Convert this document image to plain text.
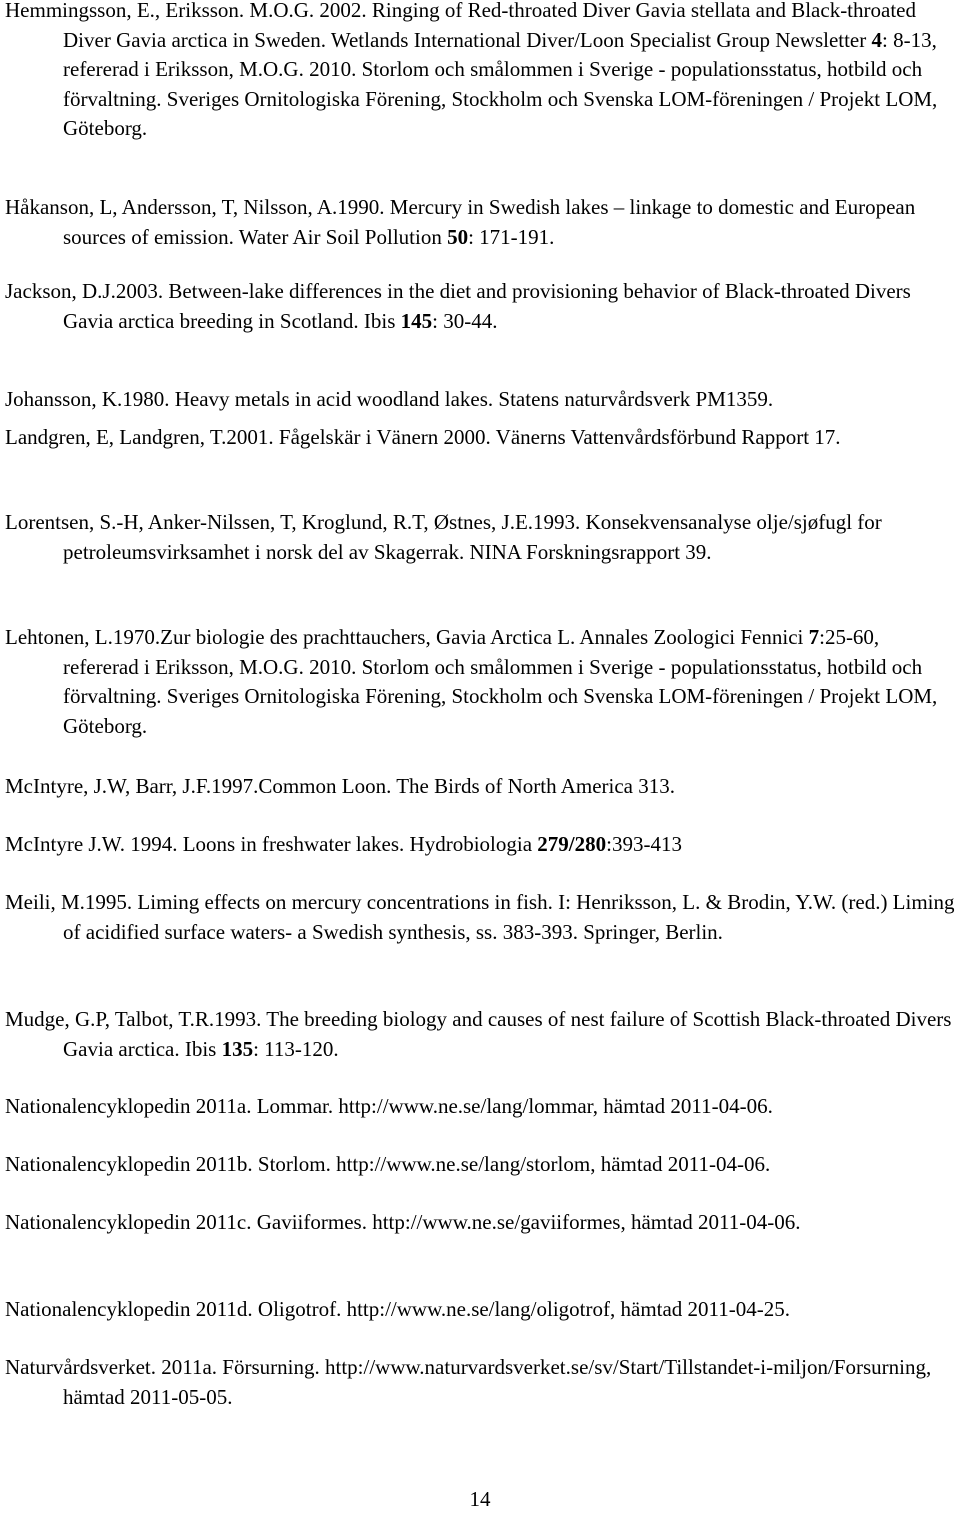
Hemmingsson, E., Eriksson. M.O.G. 2002. Ringing of Red-throated Diver Gavia stellata and Black-throated Diver Gavia arctica in Sweden. Wetlands International Diver/Loon Specialist Group Newsletter 4: 8-13, refererad i Eriksson, M.O.G. 2010. Storlom och smålommen i Sverige - populationsstatus, hotbild och förvaltning. Sveriges Ornitologiska Förening, Stockholm och Svenska LOM-föreningen / Projekt LOM, Göteborg.
Håkanson, L, Andersson, T, Nilsson, A.1990. Mercury in Swedish lakes – linkage to domestic and European sources of emission. Water Air Soil Pollution 50: 171-191.
Jackson, D.J.2003. Between-lake differences in the diet and provisioning behavior of Black-throated Divers Gavia arctica breeding in Scotland. Ibis 145: 30-44.
Johansson, K.1980. Heavy metals in acid woodland lakes. Statens naturvårdsverk PM1359.
Landgren, E, Landgren, T.2001. Fågelskär i Vänern 2000. Vänerns Vattenvårdsförbund Rapport 17.
Lorentsen, S.-H, Anker-Nilssen, T, Kroglund, R.T, Østnes, J.E.1993. Konsekvensanalyse olje/sjøfugl for petroleumsvirksamhet i norsk del av Skagerrak. NINA Forskningsrapport 39.
Lehtonen, L.1970.Zur biologie des prachttauchers, Gavia Arctica L. Annales Zoologici Fennici 7:25-60, refererad i Eriksson, M.O.G. 2010. Storlom och smålommen i Sverige - populationsstatus, hotbild och förvaltning. Sveriges Ornitologiska Förening, Stockholm och Svenska LOM-föreningen / Projekt LOM, Göteborg.
McIntyre, J.W, Barr, J.F.1997.Common Loon. The Birds of North America 313.
McIntyre J.W. 1994. Loons in freshwater lakes. Hydrobiologia 279/280:393-413
Meili, M.1995. Liming effects on mercury concentrations in fish. I: Henriksson, L. & Brodin, Y.W. (red.) Liming of acidified surface waters- a Swedish synthesis, ss. 383-393. Springer, Berlin.
Mudge, G.P, Talbot, T.R.1993. The breeding biology and causes of nest failure of Scottish Black-throated Divers Gavia arctica. Ibis 135: 113-120.
Nationalencyklopedin 2011a. Lommar. http://www.ne.se/lang/lommar, hämtad 2011-04-06.
Nationalencyklopedin 2011b. Storlom. http://www.ne.se/lang/storlom, hämtad 2011-04-06.
Nationalencyklopedin 2011c. Gaviiformes. http://www.ne.se/gaviiformes, hämtad 2011-04-06.
Nationalencyklopedin 2011d. Oligotrof. http://www.ne.se/lang/oligotrof, hämtad 2011-04-25.
Naturvårdsverket. 2011a. Försurning. http://www.naturvardsverket.se/sv/Start/Tillstandet-i-miljon/Forsurning, hämtad 2011-05-05.
14
